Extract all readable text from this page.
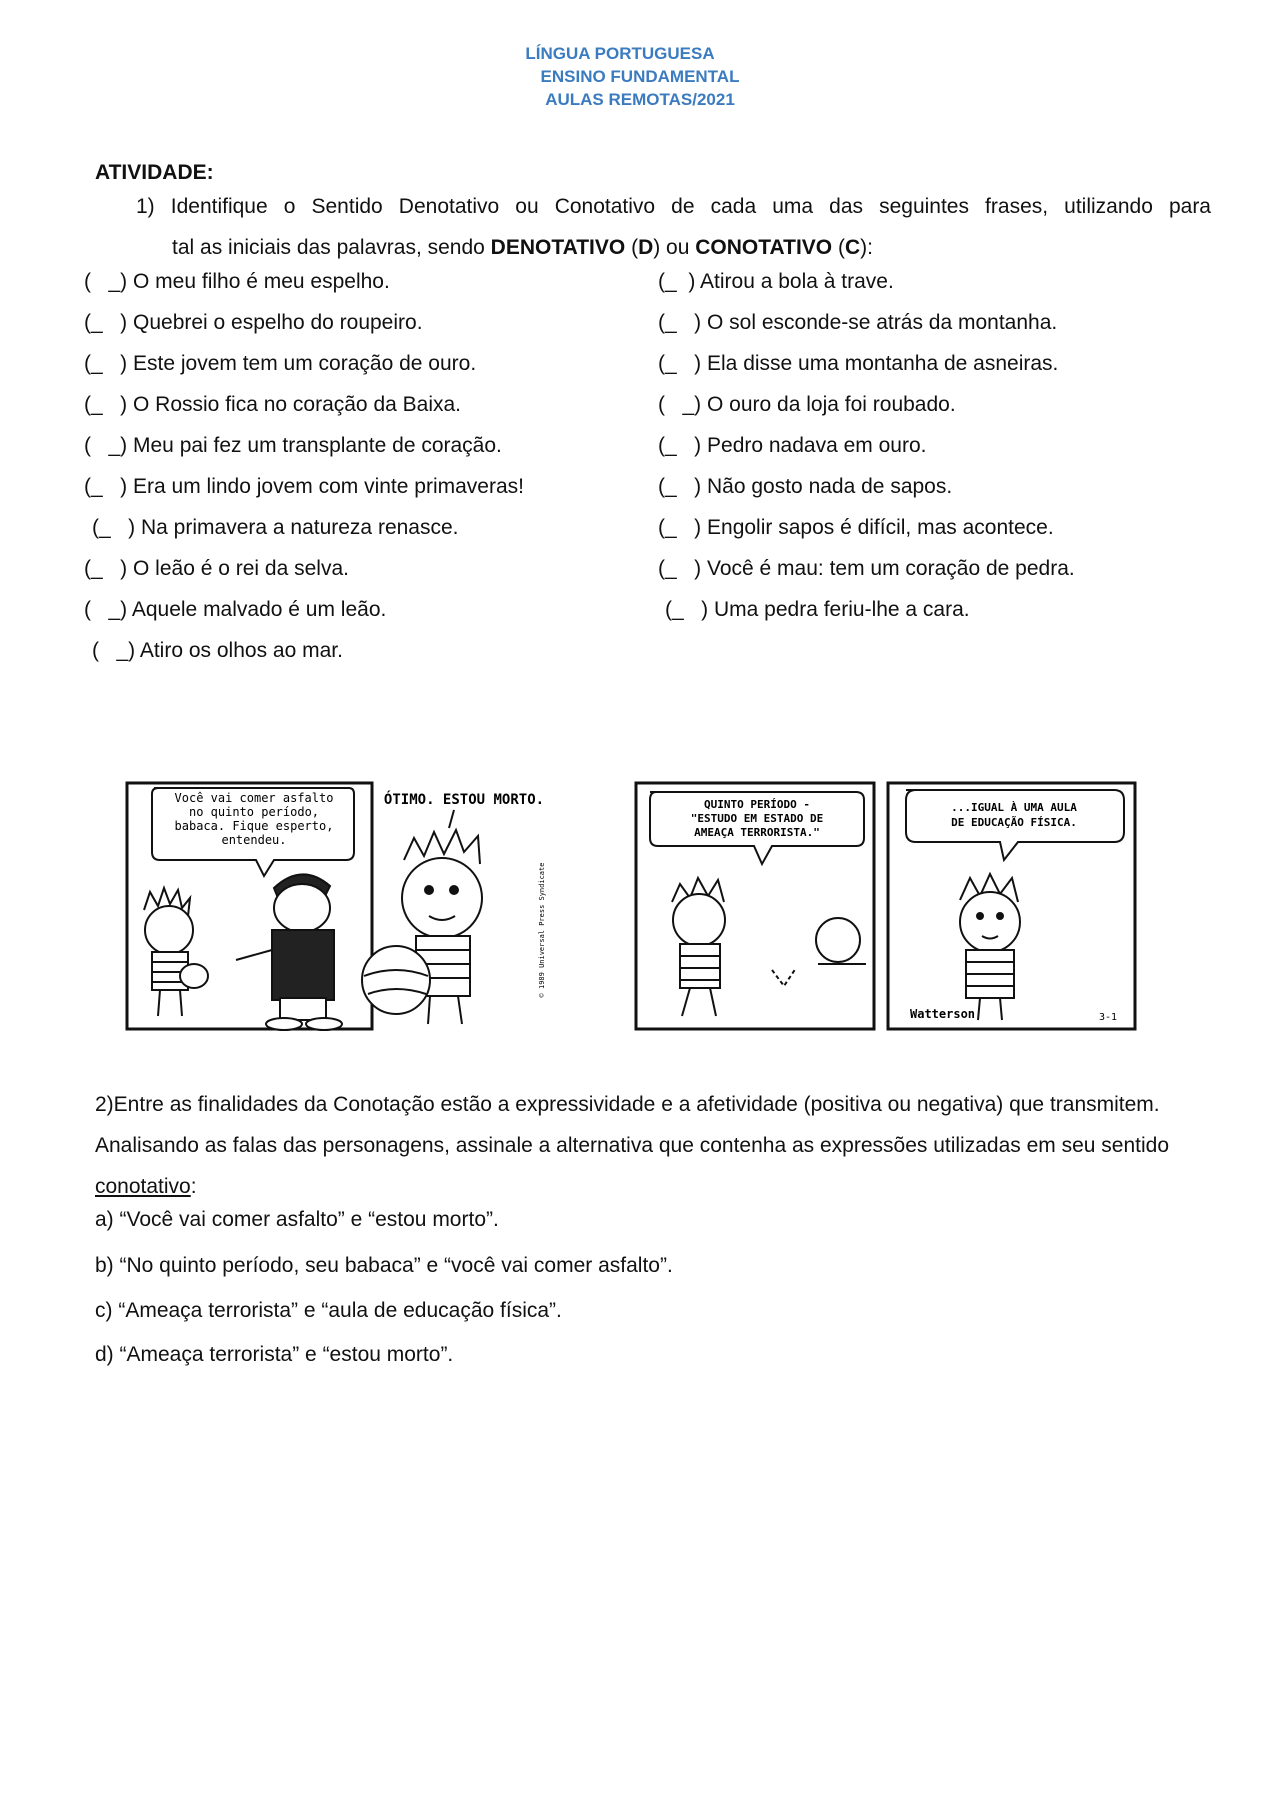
LÍNGUA PORTUGUESA
ENSINO FUNDAMENTAL
AULAS REMOTAS/2021
ATIVIDADE:
1) Identifique o Sentido Denotativo ou Conotativo de cada uma das seguintes frases, utilizando para
tal as iniciais das palavras, sendo DENOTATIVO (D) ou CONOTATIVO (C):
(   _) O meu filho é meu espelho.
(_   ) Quebrei o espelho do roupeiro.
(_   ) Este jovem tem um coração de ouro.
(_   ) O Rossio fica no coração da Baixa.
(   _) Meu pai fez um transplante de coração.
(_   ) Era um lindo jovem com vinte primaveras!
(_   ) Na primavera a natureza renasce.
(_   ) O leão é o rei da selva.
(   _) Aquele malvado é um leão.
(   _) Atiro os olhos ao mar.
(_  ) Atirou a bola à trave.
(_   ) O sol esconde-se atrás da montanha.
(_   ) Ela disse uma montanha de asneiras.
(   _) O ouro da loja foi roubado.
(_   ) Pedro nadava em ouro.
(_   ) Não gosto nada de sapos.
(_   ) Engolir sapos é difícil, mas acontece.
(_   ) Você é mau: tem um coração de pedra.
(_   ) Uma pedra feriu-lhe a cara.
Você vai comer asfalto
no quinto período,
babaca. Fique esperto,
entendeu.
ÓTIMO. ESTOU MORTO.
© 1989 Universal Press Syndicate
QUINTO PERÍODO -
"ESTUDO EM ESTADO DE
AMEAÇA TERRORISTA."
...IGUAL À UMA AULA
DE EDUCAÇÃO FÍSICA.
Watterson	3-1
2)Entre as finalidades da Conotação estão a expressividade e a afetividade (positiva ou negativa) que transmitem. Analisando as falas das personagens, assinale a alternativa que contenha as expressões utilizadas em seu sentido conotativo:
a) “Você vai comer asfalto” e “estou morto”.
b) “No quinto período, seu babaca” e “você vai comer asfalto”.
c) “Ameaça terrorista” e “aula de educação física”.
d) “Ameaça terrorista” e “estou morto”.
